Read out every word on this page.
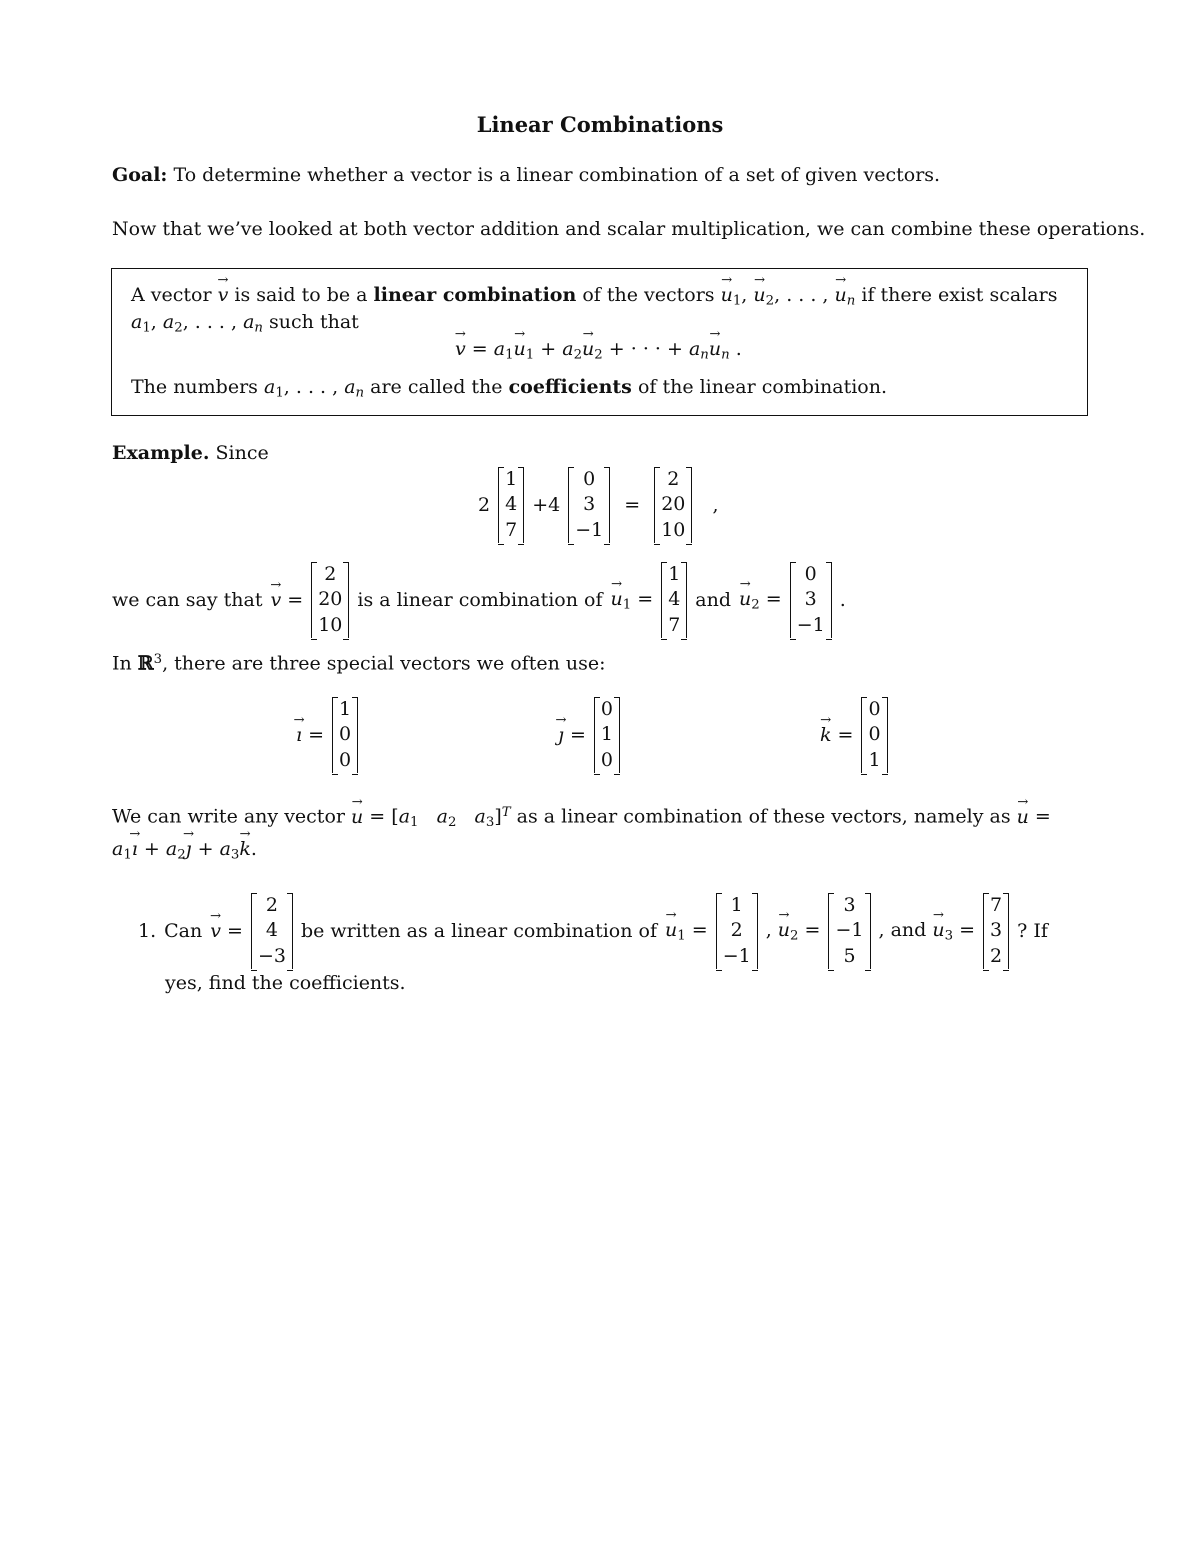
Linear Combinations
Goal: To determine whether a vector is a linear combination of a set of given vectors.
Now that we’ve looked at both vector addition and scalar multiplication, we can combine these operations.
A vector → v is said to be a linear combination of the vectors → $u_1$, → $u_2$, . . . , → $u_n$ if there exist scalars
$a_1$, $a_2$, . . . , $a_n$ such that
→ $v = a_1\to u_1 + a_2\to u_2$ + · · · + $a_n\to u_n$ .
The numbers $a_1$, . . . , $a_n$ are called the coefficients of the linear combination.
Example. Since
2
1
4
7
+4
0
3
−1
=
2
20
10
,
we can say that → v =
2
20
10
is a linear combination of → $u_1$ =
1
4
7
and → $u_2$ =
0
3
−1
.
In ℝ$^3$, there are three special vectors we often use:
→ ı =
1
0
0
→ ȷ =
0
1
0
→ k =
0
0
1
We can write any vector → $u = [a_1$ $a_2$ $a_3]^T$ as a linear combination of these vectors, namely as → u =
$a_1\to$ ı + $a_2\to$ ȷ + $a_3\to k$.
1. Can → v =
2
4
−3
be written as a linear combination of → $u_1$ =
1
2
−1
, → $u_2$ =
3
−1
5
, and → $u_3$ =
7
3
2
? If
yes, find the coefficients.
